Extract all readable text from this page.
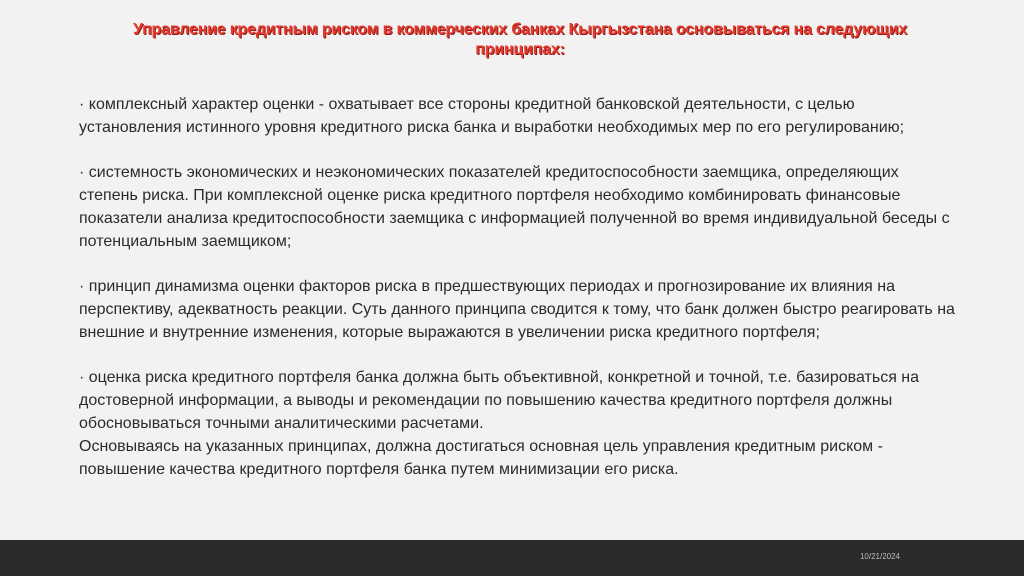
Управление кредитным риском в коммерческих банках Кыргызстана основываться на следующих принципах:

· комплексный характер оценки - охватывает все стороны кредитной банковской деятельности, с целью установления истинного уровня кредитного риска банка и выработки необходимых мер по его регулированию;

· системность экономических и неэкономических показателей кредитоспособности заемщика, определяющих степень риска. При комплексной оценке риска кредитного портфеля необходимо комбинировать финансовые показатели анализа кредитоспособности заемщика с информацией полученной во время индивидуальной беседы с потенциальным заемщиком;

· принцип динамизма оценки факторов риска в предшествующих периодах и прогнозирование их влияния на перспективу, адекватность реакции. Суть данного принципа сводится к тому, что банк должен быстро реагировать на внешние и внутренние изменения, которые выражаются в увеличении риска кредитного портфеля;

· оценка риска кредитного портфеля банка должна быть объективной, конкретной и точной, т.е. базироваться на достоверной информации, а выводы и рекомендации по повышению качества кредитного портфеля должны обосновываться точными аналитическими расчетами.

Основываясь на указанных принципах, должна достигаться основная цель управления кредитным риском - повышение качества кредитного портфеля банка путем минимизации его риска.

10/21/2024
